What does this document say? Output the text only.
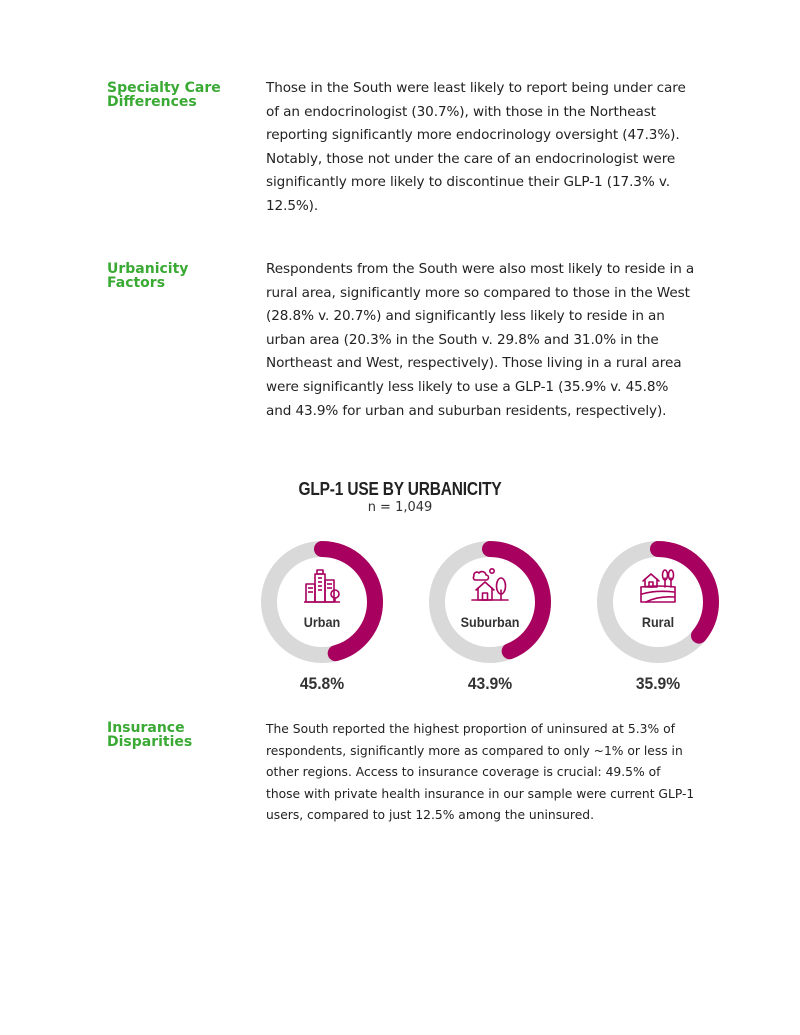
Specialty Care
Differences
Those in the South were least likely to report being under care of an endocrinologist (30.7%), with those in the Northeast reporting significantly more endocrinology oversight (47.3%). Notably, those not under the care of an endocrinologist were significantly more likely to discontinue their GLP-1 (17.3% v. 12.5%).
Urbanicity
Factors
Respondents from the South were also most likely to reside in a rural area, significantly more so compared to those in the West (28.8% v. 20.7%) and significantly less likely to reside in an urban area (20.3% in the South v. 29.8% and 31.0% in the Northeast and West, respectively). Those living in a rural area were significantly less likely to use a GLP-1 (35.9% v. 45.8% and 43.9% for urban and suburban residents, respectively).
GLP-1 USE BY URBANICITY
n = 1,049
Urban
45.8%
Suburban
43.9%
Rural
35.9%
Insurance
Disparities
The South reported the highest proportion of uninsured at 5.3% of respondents, significantly more as compared to only ~1% or less in other regions. Access to insurance coverage is crucial: 49.5% of those with private health insurance in our sample were current GLP-1 users, compared to just 12.5% among the uninsured.
